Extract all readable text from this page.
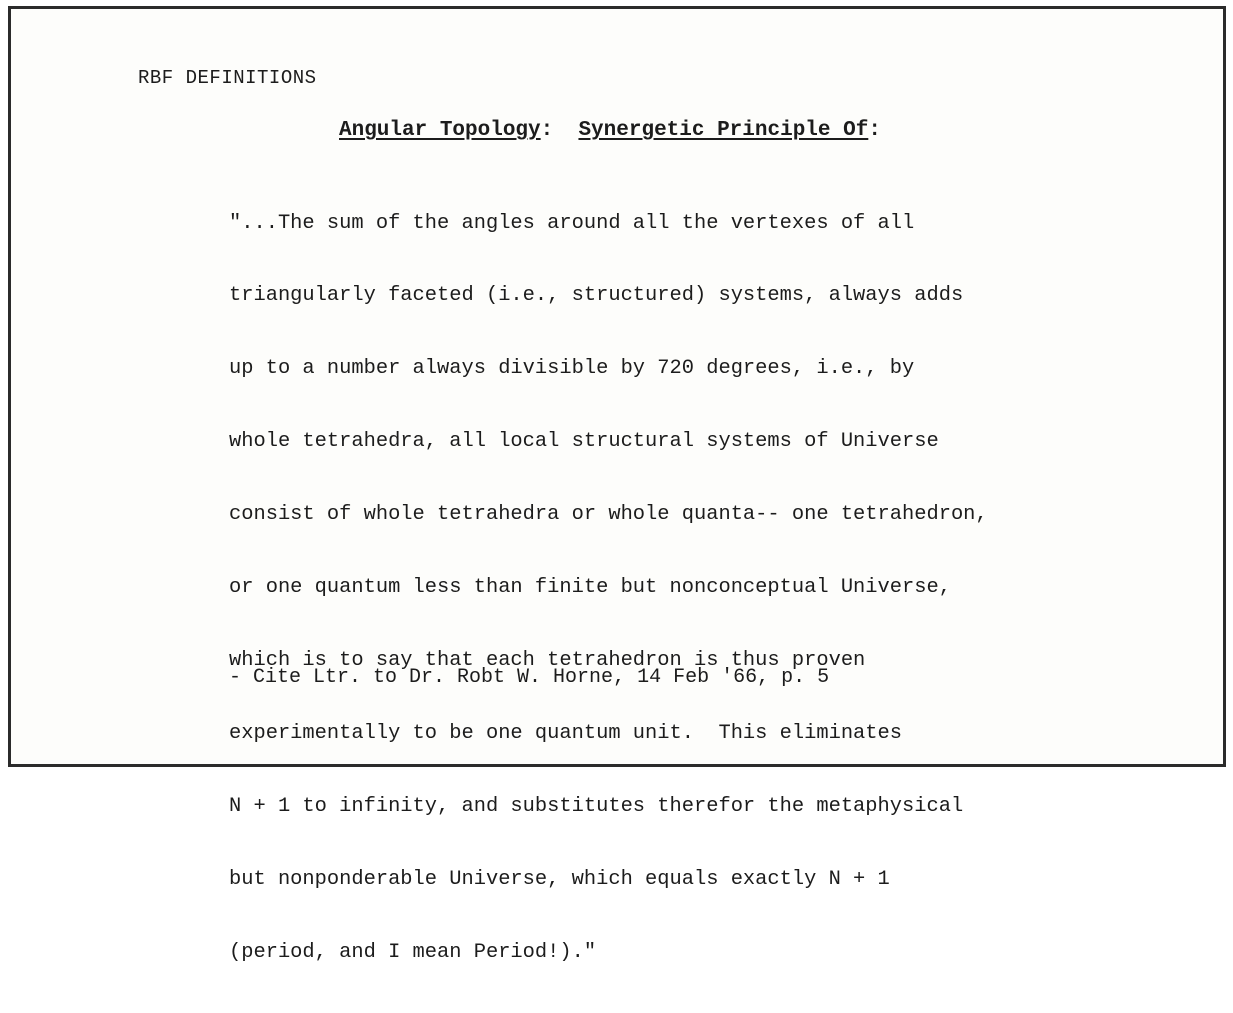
RBF DEFINITIONS
Angular Topology:  Synergetic Principle Of:

"...The sum of the angles around all the vertexes of all

triangularly faceted (i.e., structured) systems, always adds

up to a number always divisible by 720 degrees, i.e., by

whole tetrahedra, all local structural systems of Universe

consist of whole tetrahedra or whole quanta-- one tetrahedron,

or one quantum less than finite but nonconceptual Universe,

which is to say that each tetrahedron is thus proven

experimentally to be one quantum unit.  This eliminates

N + 1 to infinity, and substitutes therefor the metaphysical

but nonponderable Universe, which equals exactly N + 1

(period, and I mean Period!)."

- Cite Ltr. to Dr. Robt W. Horne, 14 Feb '66, p. 5
